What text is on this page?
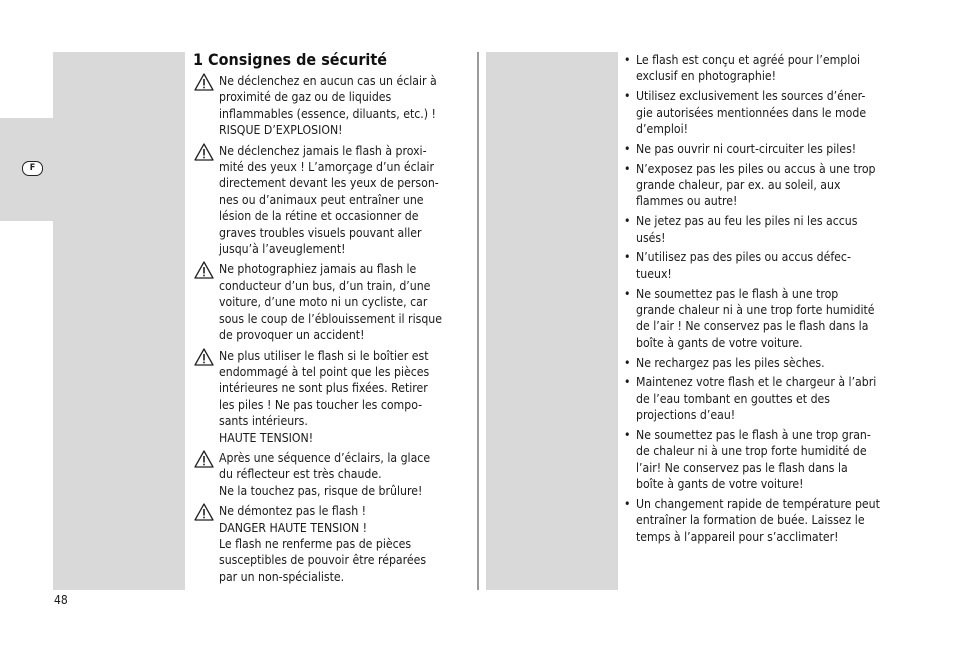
F
1 Consignes de sécurité
Ne déclenchez en aucun cas un éclair à
proximité de gaz ou de liquides
inflammables (essence, diluants, etc.) !
RISQUE D’EXPLOSION!
Ne déclenchez jamais le flash à proxi-
mité des yeux ! L’amorçage d’un éclair
directement devant les yeux de person-
nes ou d’animaux peut entraîner une
lésion de la rétine et occasionner de
graves troubles visuels pouvant aller
jusqu’à l’aveuglement!
Ne photographiez jamais au flash le
conducteur d’un bus, d’un train, d’une
voiture, d’une moto ni un cycliste, car
sous le coup de l’éblouissement il risque
de provoquer un accident!
Ne plus utiliser le flash si le boîtier est
endommagé à tel point que les pièces
intérieures ne sont plus fixées. Retirer
les piles ! Ne pas toucher les compo-
sants intérieurs.
HAUTE TENSION!
Après une séquence d’éclairs, la glace
du réflecteur est très chaude.
Ne la touchez pas, risque de brûlure!
Ne démontez pas le flash !
DANGER HAUTE TENSION !
Le flash ne renferme pas de pièces
susceptibles de pouvoir être réparées
par un non-spécialiste.
• Le flash est conçu et agréé pour l’emploi
exclusif en photographie!
• Utilisez exclusivement les sources d’éner-
gie autorisées mentionnées dans le mode
d’emploi!
• Ne pas ouvrir ni court-circuiter les piles!
• N’exposez pas les piles ou accus à une trop
grande chaleur, par ex. au soleil, aux
flammes ou autre!
• Ne jetez pas au feu les piles ni les accus
usés!
• N’utilisez pas des piles ou accus défec-
tueux!
• Ne soumettez pas le flash à une trop
grande chaleur ni à une trop forte humidité
de l’air ! Ne conservez pas le flash dans la
boîte à gants de votre voiture.
• Ne rechargez pas les piles sèches.
• Maintenez votre flash et le chargeur à l’abri
de l’eau tombant en gouttes et des
projections d’eau!
• Ne soumettez pas le flash à une trop gran-
de chaleur ni à une trop forte humidité de
l’air! Ne conservez pas le flash dans la
boîte à gants de votre voiture!
• Un changement rapide de température peut
entraîner la formation de buée. Laissez le
temps à l’appareil pour s’acclimater!
48
